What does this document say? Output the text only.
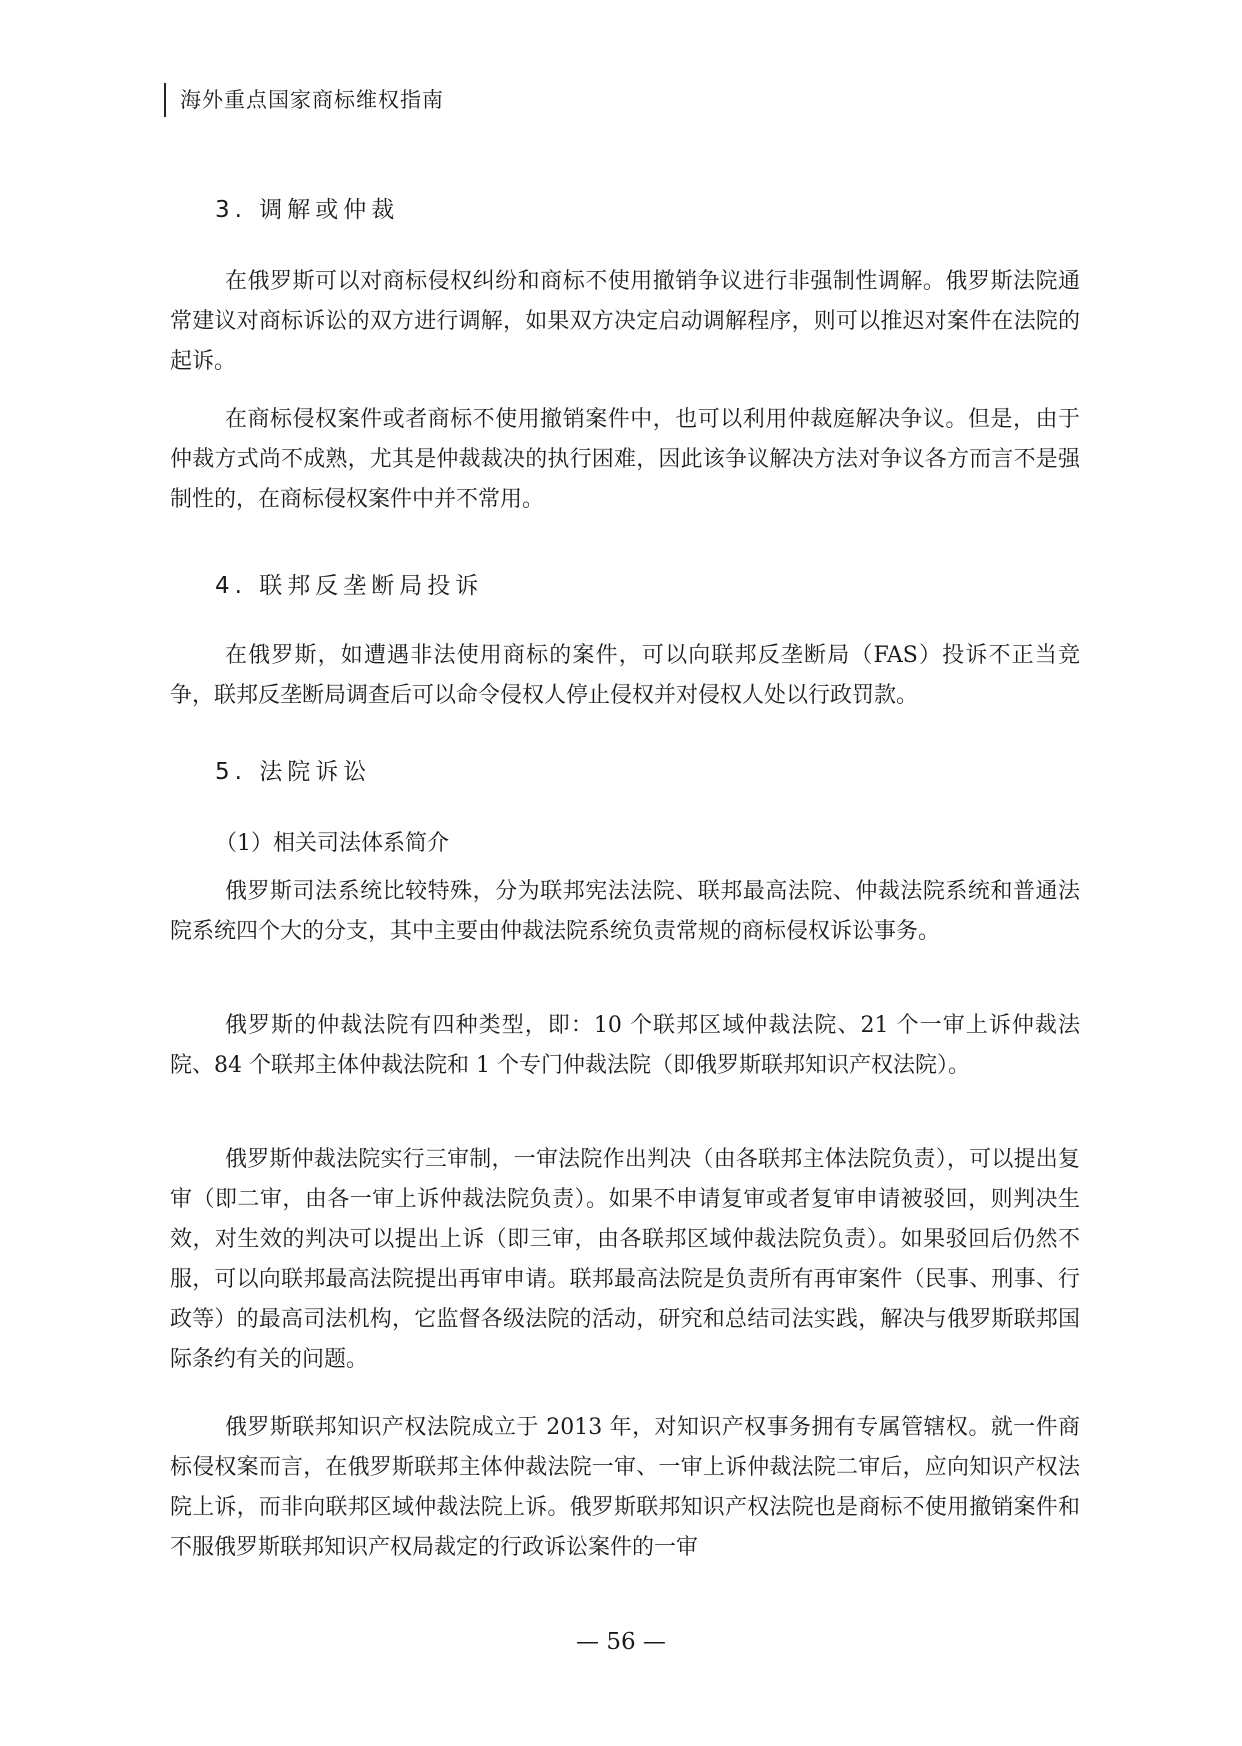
海外重点国家商标维权指南
3. 调解或仲裁

在俄罗斯可以对商标侵权纠纷和商标不使用撤销争议进行非强制性调解。俄罗斯法院通常建议对商标诉讼的双方进行调解，如果双方决定启动调解程序，则可以推迟对案件在法院的起诉。

在商标侵权案件或者商标不使用撤销案件中，也可以利用仲裁庭解决争议。但是，由于仲裁方式尚不成熟，尤其是仲裁裁决的执行困难，因此该争议解决方法对争议各方而言不是强制性的，在商标侵权案件中并不常用。

4. 联邦反垄断局投诉

在俄罗斯，如遭遇非法使用商标的案件，可以向联邦反垄断局（FAS）投诉不正当竞争，联邦反垄断局调查后可以命令侵权人停止侵权并对侵权人处以行政罚款。

5. 法院诉讼
（1）相关司法体系简介

俄罗斯司法系统比较特殊，分为联邦宪法法院、联邦最高法院、仲裁法院系统和普通法院系统四个大的分支，其中主要由仲裁法院系统负责常规的商标侵权诉讼事务。

俄罗斯的仲裁法院有四种类型，即：10 个联邦区域仲裁法院、21 个一审上诉仲裁法院、84 个联邦主体仲裁法院和 1 个专门仲裁法院（即俄罗斯联邦知识产权法院）。

俄罗斯仲裁法院实行三审制，一审法院作出判决（由各联邦主体法院负责），可以提出复审（即二审，由各一审上诉仲裁法院负责）。如果不申请复审或者复审申请被驳回，则判决生效，对生效的判决可以提出上诉（即三审，由各联邦区域仲裁法院负责）。如果驳回后仍然不服，可以向联邦最高法院提出再审申请。联邦最高法院是负责所有再审案件（民事、刑事、行政等）的最高司法机构，它监督各级法院的活动，研究和总结司法实践，解决与俄罗斯联邦国际条约有关的问题。

俄罗斯联邦知识产权法院成立于 2013 年，对知识产权事务拥有专属管辖权。就一件商标侵权案而言，在俄罗斯联邦主体仲裁法院一审、一审上诉仲裁法院二审后，应向知识产权法院上诉，而非向联邦区域仲裁法院上诉。俄罗斯联邦知识产权法院也是商标不使用撤销案件和不服俄罗斯联邦知识产权局裁定的行政诉讼案件的一审

— 56 —
